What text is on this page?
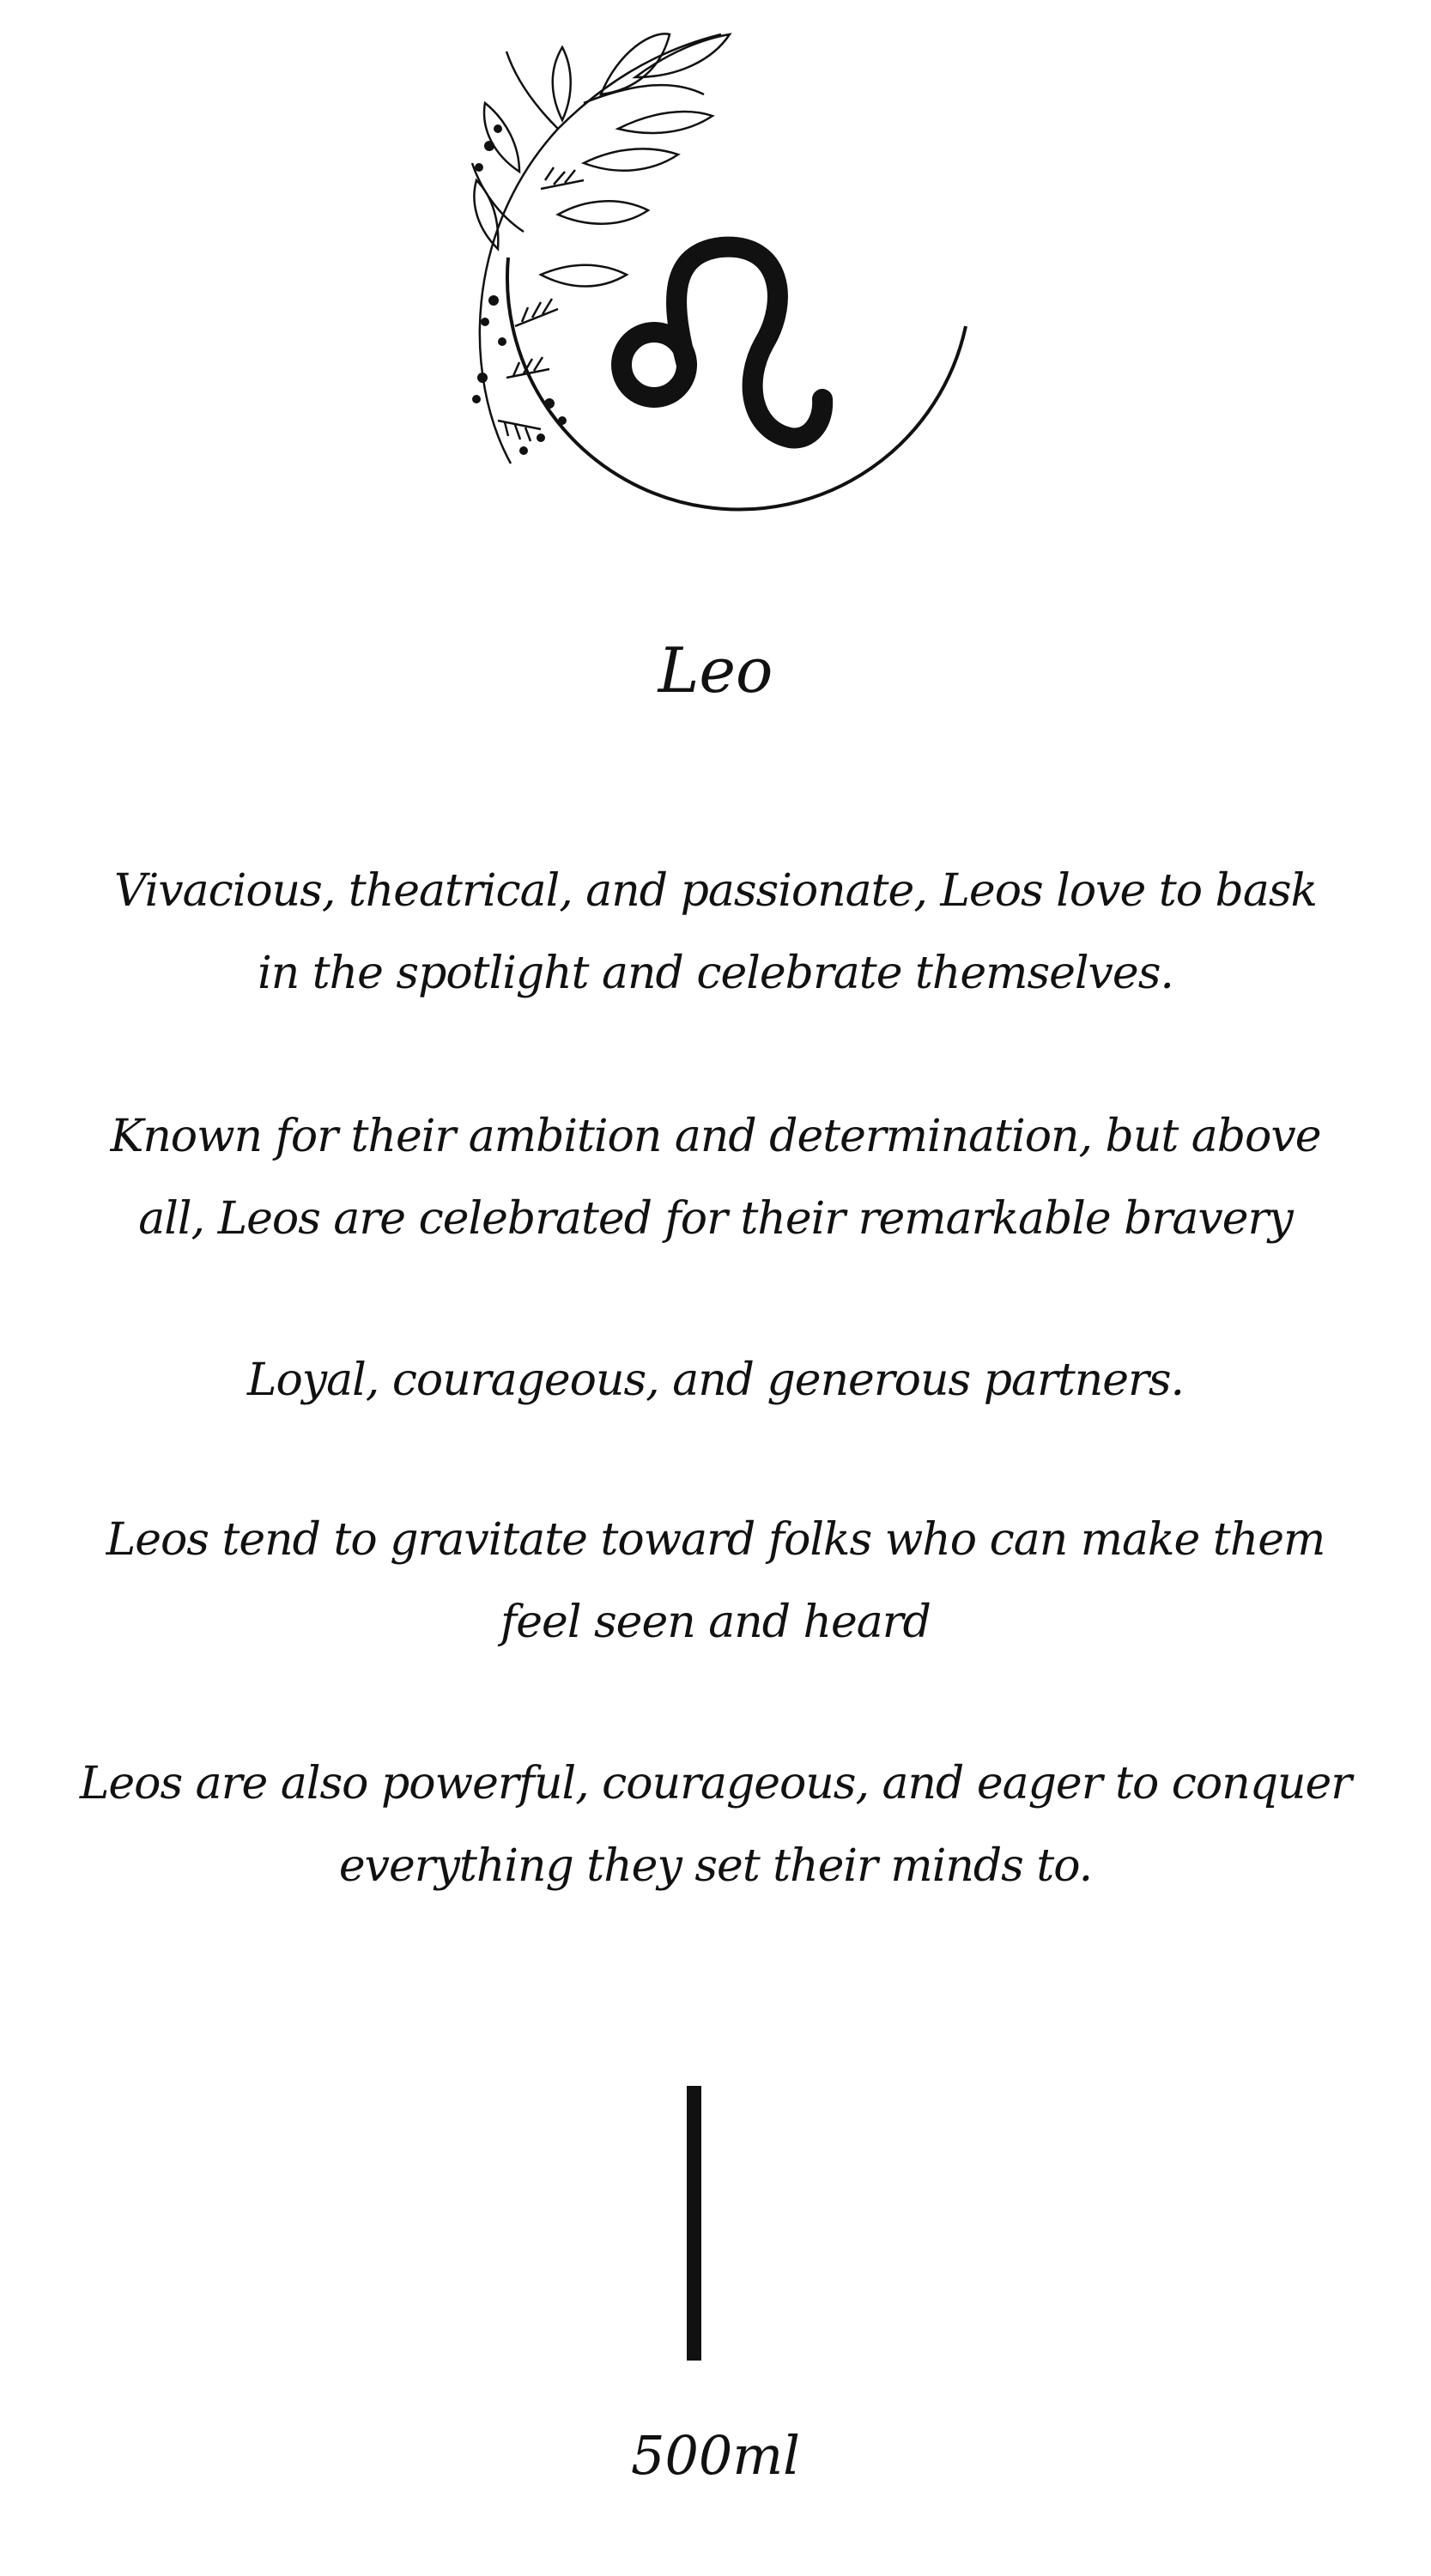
Leo
Vivacious, theatrical, and passionate, Leos love to bask
in the spotlight and celebrate themselves.
Known for their ambition and determination, but above
all, Leos are celebrated for their remarkable bravery
Loyal, courageous, and generous partners.
Leos tend to gravitate toward folks who can make them
feel seen and heard
Leos are also powerful, courageous, and eager to conquer
everything they set their minds to.
500ml
